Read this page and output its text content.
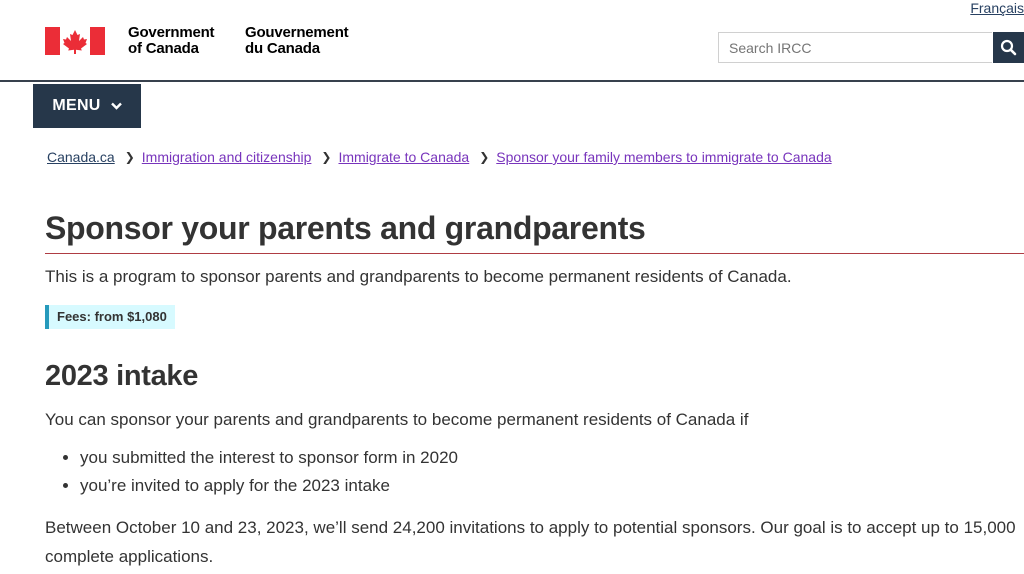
Français
Government
of Canada
Gouvernement
du Canada
Search IRCC
MENU
Canada.ca ❯ Immigration and citizenship ❯ Immigrate to Canada ❯ Sponsor your family members to immigrate to Canada
Sponsor your parents and grandparents

This is a program to sponsor parents and grandparents to become permanent residents of Canada.

Fees: from $1,080
2023 intake

You can sponsor your parents and grandparents to become permanent residents of Canada if

• you submitted the interest to sponsor form in 2020
• you’re invited to apply for the 2023 intake

Between October 10 and 23, 2023, we’ll send 24,200 invitations to apply to potential sponsors. Our goal is to accept up to 15,000 complete applications.
